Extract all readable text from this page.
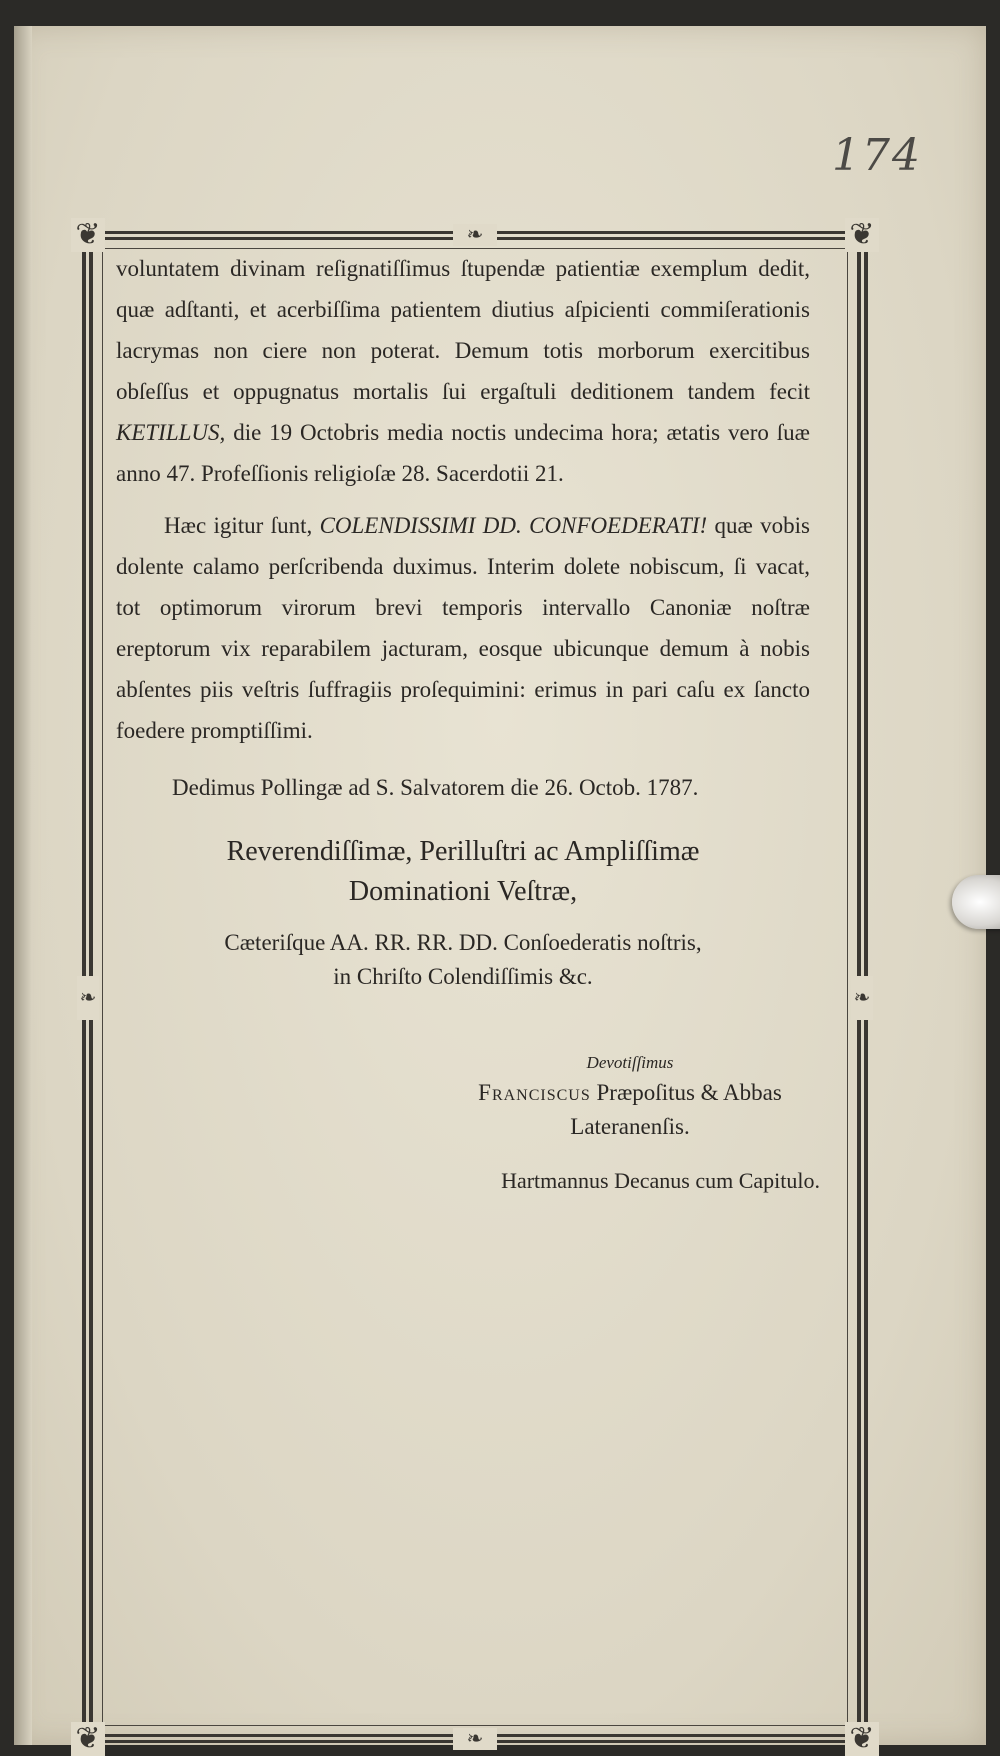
174
❦	❦
❦	❦
❧
❧
❧	❧

voluntatem divinam reſignatiſſimus ſtupendæ patientiæ exemplum dedit, quæ adſtanti, et acerbiſſima patientem diutius aſpicienti commiſerationis lacrymas non ciere non poterat. Demum totis morborum exercitibus obſeſſus et oppugnatus mortalis ſui ergaſtuli deditionem tandem fecit KETILLUS, die 19 Octobris media noctis undecima hora; ætatis vero ſuæ anno 47. Profeſſionis religioſæ 28. Sacerdotii 21.

Hæc igitur ſunt, COLENDISSIMI DD. CONFOEDERATI! quæ vobis dolente calamo perſcribenda duximus. Interim dolete nobiscum, ſi vacat, tot optimorum virorum brevi temporis intervallo Canoniæ noſtræ ereptorum vix reparabilem jacturam, eosque ubicunque demum à nobis abſentes piis veſtris ſuffragiis proſequimini: erimus in pari caſu ex ſancto foedere promptiſſimi.

Dedimus Pollingæ ad S. Salvatorem die 26. Octob. 1787.
Reverendiſſimæ, Perilluſtri ac Ampliſſimæ
Dominationi Veſtræ,
Cæteriſque AA. RR. RR. DD. Conſoederatis noſtris,
in Chriſto Colendiſſimis &c.
Devotiſſimus
Franciscus Præpoſitus & Abbas
Lateranenſis.
Hartmannus Decanus cum Capitulo.
